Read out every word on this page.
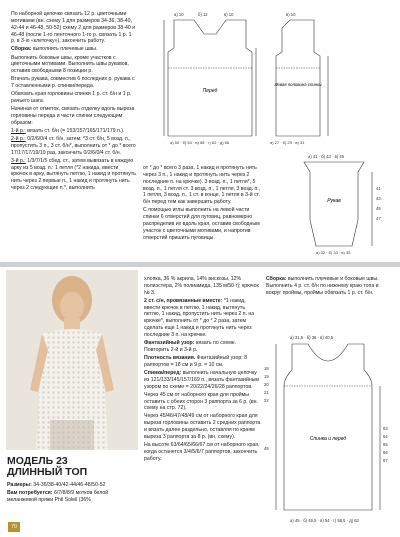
По наборной цепочке связать 12 р. цветочными мотивами (вн. схему 1 для размеров 34-36, 38-40, 42-44 и 46-48, 50-52) схему 2 для размеров 38-40 и 46-48 (после 1-го ленточного 1-го р. связать 1 р. 1 р. в 3-ю «клеточку»), закончить работу.

Сборка: выполнить плечевые швы.

Выполнить боковые швы, кроме участков с цветочными мотивами. Выполнить швы рукавов, оставив свободными 8 позиции р.

Втачать рукава, совместив 6 последних р. рукава с 7 оставленными р. спинки/переда.

Обвязать края горловины спинки 1 р. ст. б/н и 1 р. рачьего шага.

Начиная от отметок, связать отделку вдоль выреза горловины переда и части спинки следующим образом:

1-й р.: вязать ст. б/н (= 153/157/165/171/179 п.).

2-й р.: 0/2/6/0/4 ст. б/н, затем: *3 ст. б/н, 5 возд. п., пропустить 3 п., 3 ст. б/н*, выполнить от * до * всего 17/17/17/19/19 раз, закончить 0/2/6/0/4 ст. б/н.

3-й р.: 1/3/7/1/5 сбед. ст., затем вывязать в каждую арку из 5 возд. п.: 1 петля (*2 накида, ввести крючок в арку, вытянуть петлю, 1 накид и протянуть нить через 2 первые п., 1 накид и протянуть нить через 2 следующие п.*, выполнить

от * до * всего 3 раза, 1 накид и протянуть нить через 3 п., 1 накид и протянуть нить через 2 последние п. на крючке). 3 возд. п., 1 петля*, 5 возд. п., 1 петля ст. 3 возд. п., 1 петля, 3 возд. п., 1 петля, 3 возд. п., 1 ст. в конце, 1 петля в 3-й ст. б/н перед тем как завершить работу.

С помощью иглы выполнить на левой части спинки 6 отверстий для пуговиц, равномерно распределив их вдоль края, оставив свободным участок с цветочными мотивами, и напротив отверстий пришить пуговицы.

Перед
a) 10	б) 12	в) 10
a) 50 · б) 54 · в) 58 · г) 62 · д) 66
Левая половина спинки
в) 10
a) 27 · б) 29 · в) 31
Рукав
a) 41 · б) 43 · в) 45
41
43
45
47
a) 32 · б) 33 · в) 35
МОДЕЛЬ 23
ДЛИННЫЙ ТОП

Размеры: 34-36/38-40/42-44/46-48/50-52

Вам потребуется: 6/7/8/8/9 мотков белой меланжевой пряжи Phil Soleil (36%

70

хлопка, 36 % акрила, 14% вискозы, 12% полиэстера, 2% полиамида, 135 м/50 г); крючок № 3.

2 ст. с/н, провязанные вместе: *1 накид, ввести крючок в петлю, 1 накид, вытянуть петлю, 1 накид, пропустить нить через 2 п. на крючке*, выполнить от * до * 2 раза, затем сделать еще 1 накид и протянуть нить через последние 3 п. на крючке.

Фантазийный узор: вязать по схеме. Повторить 2-й и 3-й р.

Плотность вязания. Фантазийный узор: 8 раппортов = 18 см и 9 р. = 10 см.

Спинка/перед: выполнить начальную цепочку из 121/133/145/157/169 п., вязать фантазийным узором по схеме = 20/22/24/26/28 раппортов.

Через 45 см от наборного края для проймы оставить с обеих сторон 3 раппорта за 6 р. (вн. схему на стр. 72).

Через 45/46/47/48/49 см от наборного края для выреза горловины оставить 2 средних раппорта и вязать далее раздельно, оставляя по краям выреза 3 раппорта за 8 р. (вн. схему).

На высоте 63/64/65/66/67 см от наборного края, когда останется 3/4/5/6/7 раппортов, закончить работу.

Сборка: выполнить плечевые и боковые швы. Выполнить 4 р. ст. б/н по нижнему краю топа и вокруг проймы, проймы обвязать 1 р. ст. б/н.

Спинка и перед
a) 31,5 · б) 36 · в) 40,5
18
19
20
21
22
45
63
64
65
66
67
a) 45 · б) 49,5 · в) 54 · г) 58,5 · д) 63
